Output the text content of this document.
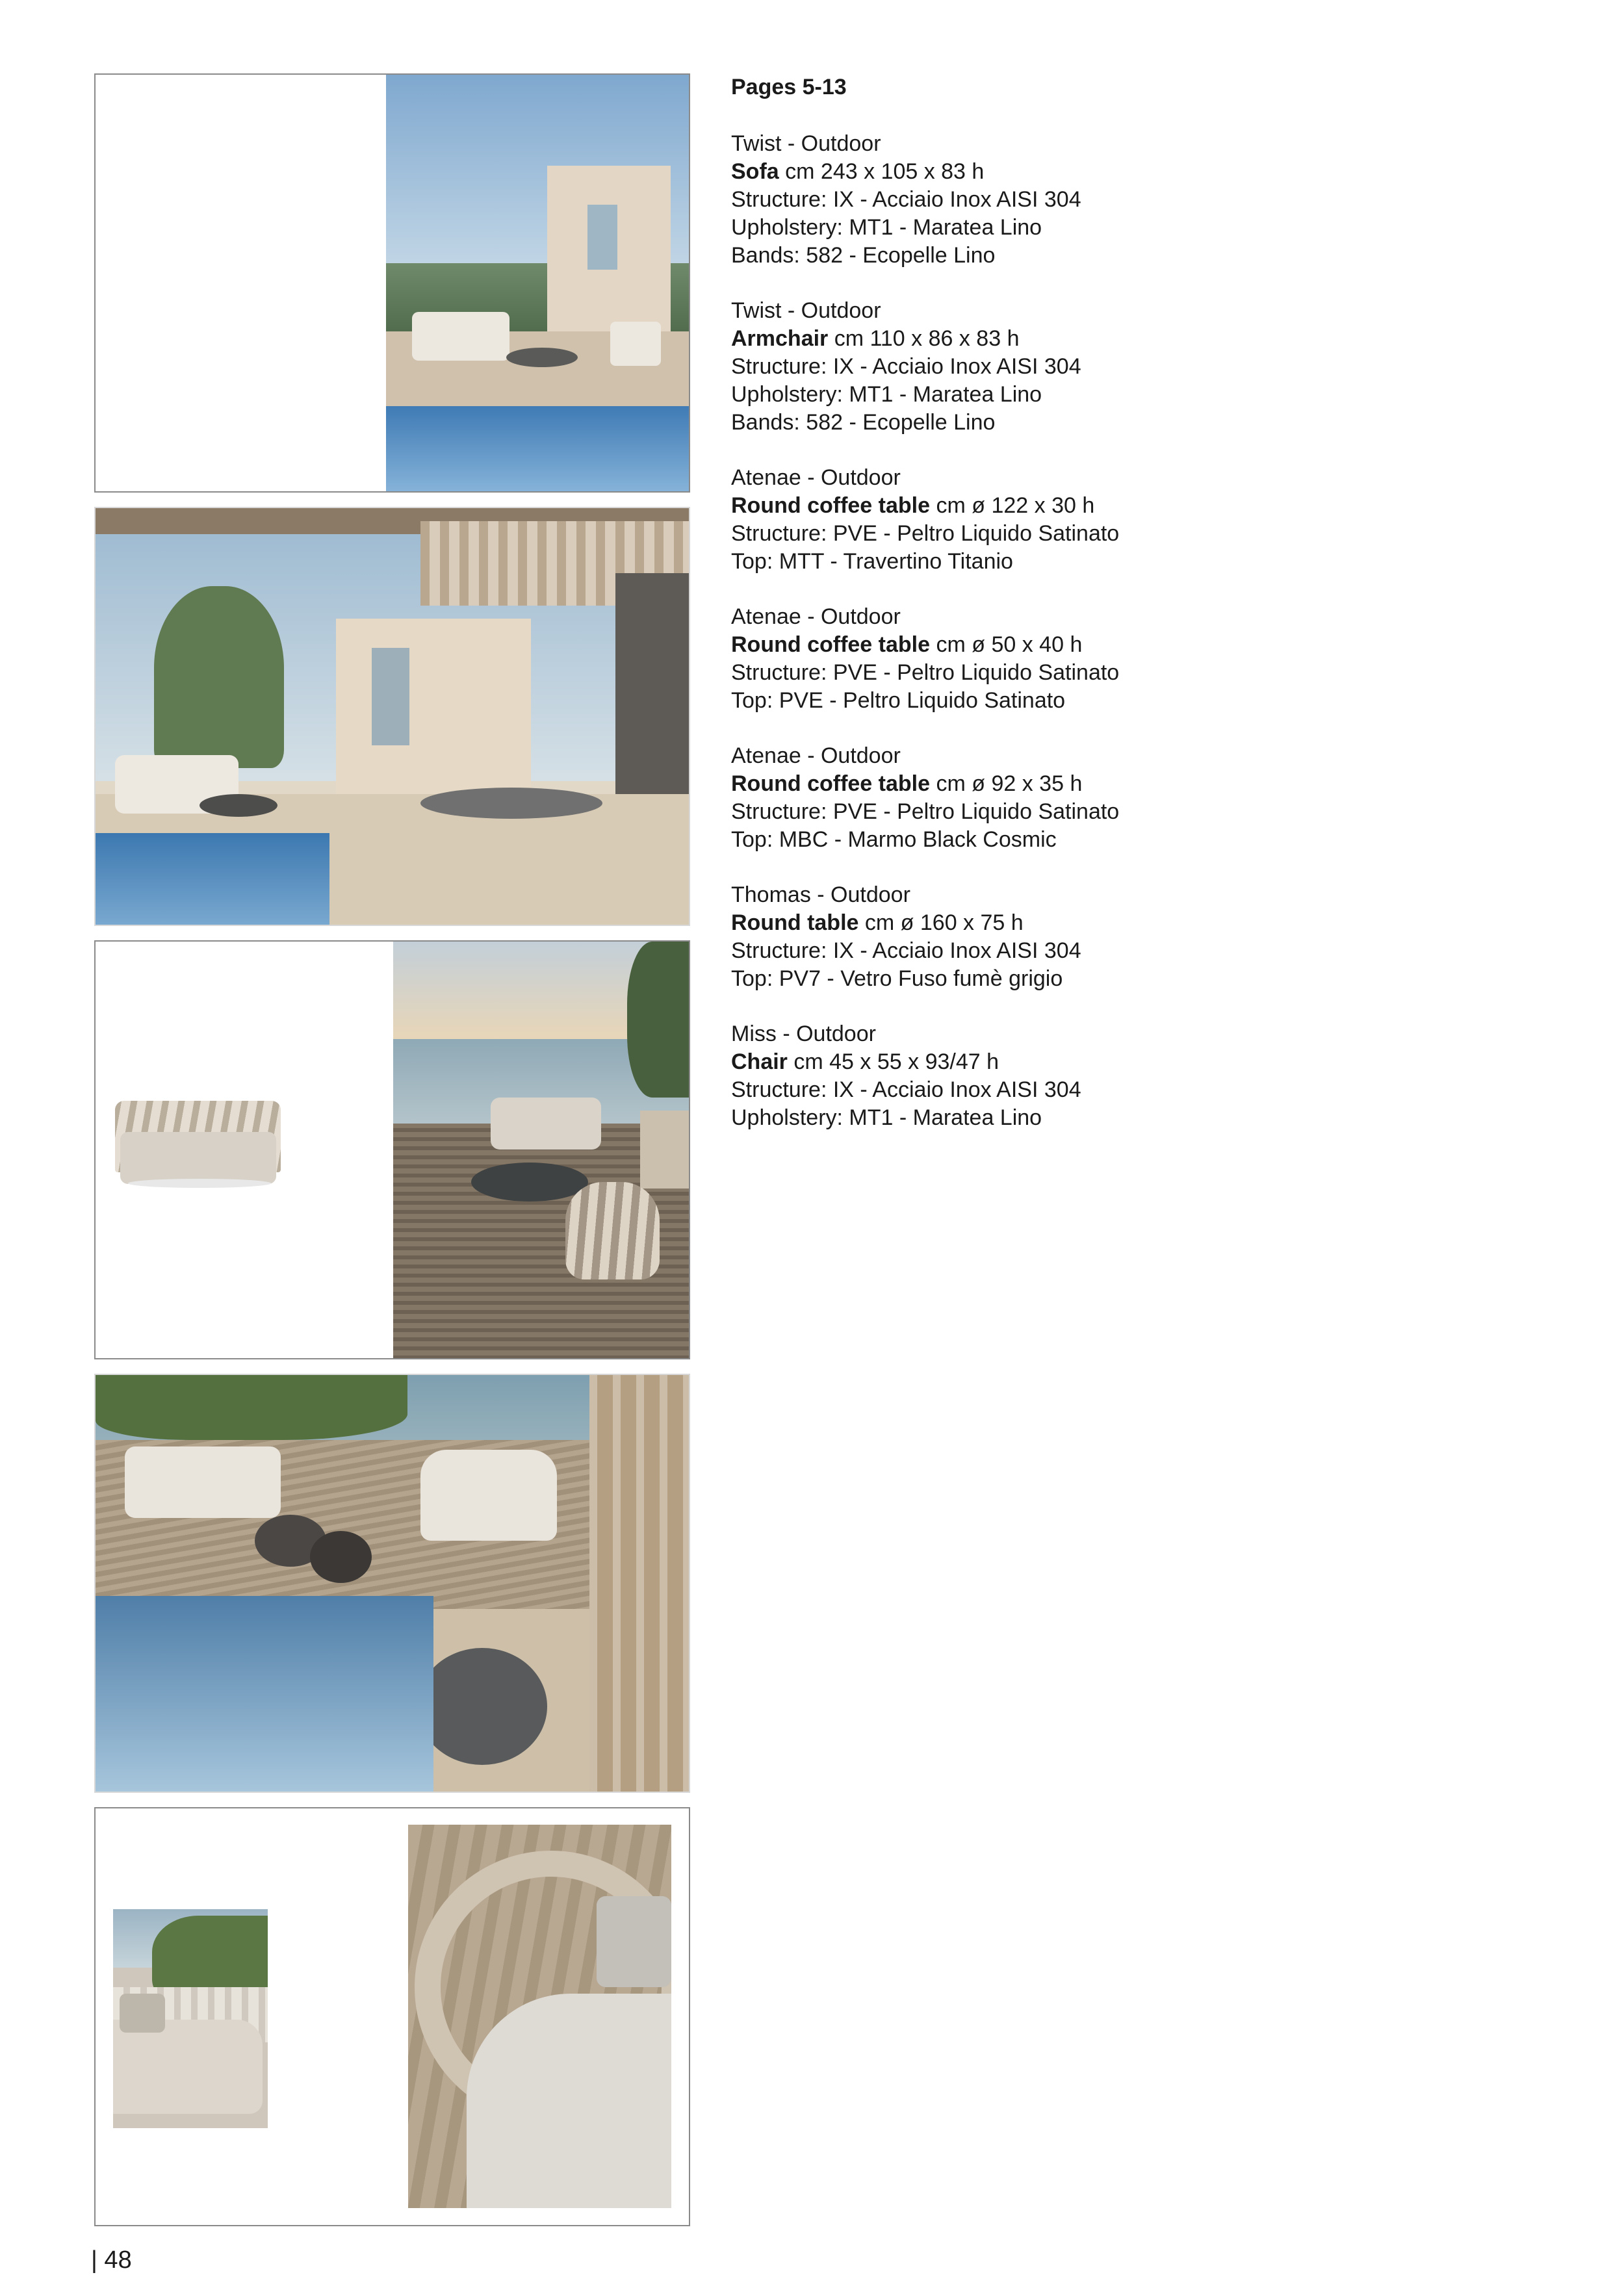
Pages 5-13
Twist - Outdoor
Sofa cm 243 x 105 x 83 h
Structure: IX - Acciaio Inox AISI 304
Upholstery: MT1 - Maratea Lino
Bands: 582 - Ecopelle Lino
Twist - Outdoor
Armchair cm 110 x 86 x 83 h
Structure: IX - Acciaio Inox AISI 304
Upholstery: MT1 - Maratea Lino
Bands: 582 - Ecopelle Lino
Atenae - Outdoor
Round coffee table cm ø 122 x 30 h
Structure: PVE - Peltro Liquido Satinato
Top: MTT - Travertino Titanio
Atenae - Outdoor
Round coffee table cm ø 50 x 40 h
Structure: PVE - Peltro Liquido Satinato
Top: PVE - Peltro Liquido Satinato
Atenae - Outdoor
Round coffee table cm ø 92 x 35 h
Structure: PVE - Peltro Liquido Satinato
Top: MBC - Marmo Black Cosmic
Thomas - Outdoor
Round table cm ø 160 x 75 h
Structure: IX - Acciaio Inox AISI 304
Top: PV7 - Vetro Fuso fumè grigio
Miss - Outdoor
Chair cm 45 x 55 x 93/47 h
Structure: IX - Acciaio Inox AISI 304
Upholstery: MT1 - Maratea Lino
| 48
